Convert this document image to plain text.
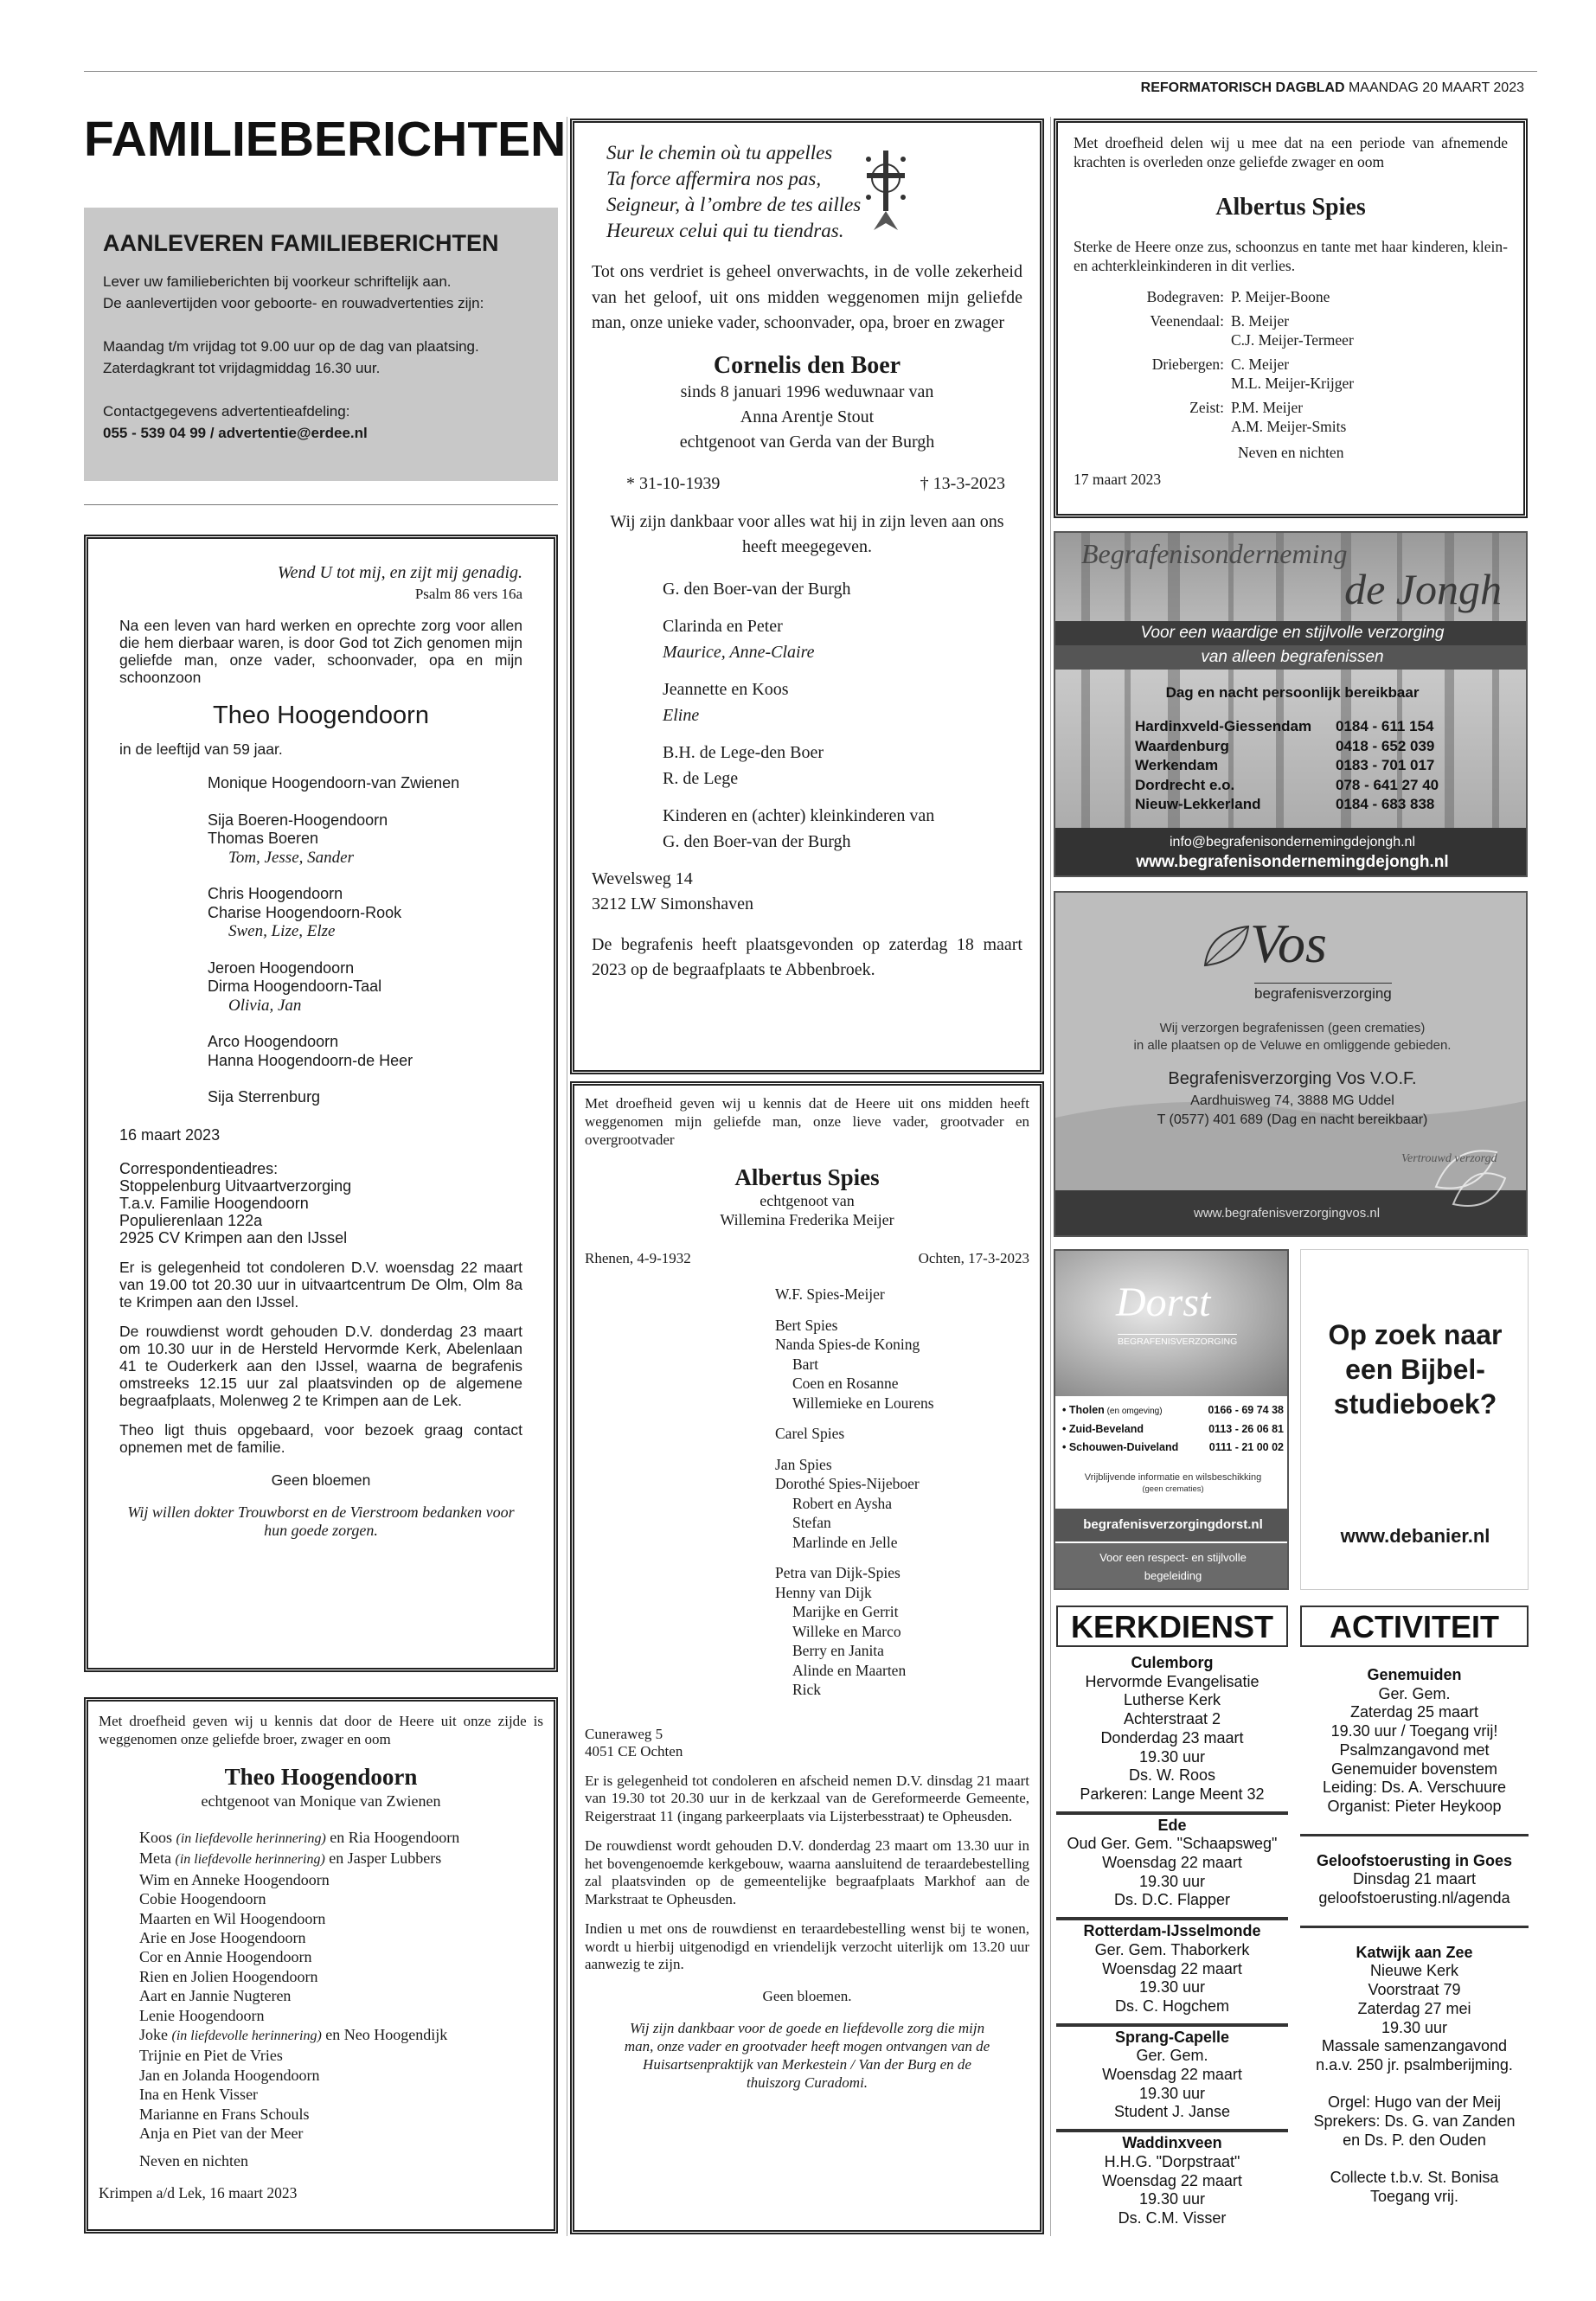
REFORMATORISCH DAGBLAD MAANDAG 20 MAART 2023
FAMILIEBERICHTEN
AANLEVEREN FAMILIEBERICHTEN
Lever uw familieberichten bij voorkeur schriftelijk aan.
De aanlevertijden voor geboorte- en rouwadvertenties zijn:

Maandag t/m vrijdag tot 9.00 uur op de dag van plaatsing.
Zaterdagkrant tot vrijdagmiddag 16.30 uur.

Contactgegevens advertentieafdeling:
055 - 539 04 99 / advertentie@erdee.nl
Wend U tot mij, en zijt mij genadig.
Psalm 86 vers 16a
Na een leven van hard werken en oprechte zorg voor allen die hem dierbaar waren, is door God tot Zich genomen mijn geliefde man, onze vader, schoonvader, opa en mijn schoonzoon
Theo Hoogendoorn
in de leeftijd van 59 jaar.
Monique Hoogendoorn-van Zwienen
Sija Boeren-Hoogendoorn
Thomas Boeren
Tom, Jesse, Sander
Chris Hoogendoorn
Charise Hoogendoorn-Rook
Swen, Lize, Elze
Jeroen Hoogendoorn
Dirma Hoogendoorn-Taal
Olivia, Jan
Arco Hoogendoorn
Hanna Hoogendoorn-de Heer
Sija Sterrenburg
16 maart 2023
Correspondentieadres:
Stoppelenburg Uitvaartverzorging
T.a.v. Familie Hoogendoorn
Populierenlaan 122a
2925 CV Krimpen aan den IJssel
Er is gelegenheid tot condoleren D.V. woensdag 22 maart van 19.00 tot 20.30 uur in uitvaartcentrum De Olm, Olm 8a te Krimpen aan den IJssel.
De rouwdienst wordt gehouden D.V. donderdag 23 maart om 10.30 uur in de Hersteld Hervormde Kerk, Abelenlaan 41 te Ouderkerk aan den IJssel, waarna de begrafenis omstreeks 12.15 uur zal plaatsvinden op de algemene begraafplaats, Molenweg 2 te Krimpen aan de Lek.
Theo ligt thuis opgebaard, voor bezoek graag contact opnemen met de familie.
Geen bloemen
Wij willen dokter Trouwborst en de Vierstroom bedanken voor hun goede zorgen.
Met droefheid geven wij u kennis dat door de Heere uit onze zijde is weggenomen onze geliefde broer, zwager en oom
Theo Hoogendoorn
echtgenoot van Monique van Zwienen
Koos (in liefdevolle herinnering) en Ria Hoogendoorn
Meta (in liefdevolle herinnering) en Jasper Lubbers
Wim en Anneke Hoogendoorn
Cobie Hoogendoorn
Maarten en Wil Hoogendoorn
Arie en Jose Hoogendoorn
Cor en Annie Hoogendoorn
Rien en Jolien Hoogendoorn
Aart en Jannie Nugteren
Lenie Hoogendoorn
Joke (in liefdevolle herinnering) en Neo Hoogendijk
Trijnie en Piet de Vries
Jan en Jolanda Hoogendoorn
Ina en Henk Visser
Marianne en Frans Schouls
Anja en Piet van der Meer
Neven en nichten
Krimpen a/d Lek, 16 maart 2023
Sur le chemin où tu appelles
Ta force affermira nos pas,
Seigneur, à l’ombre de tes ailles
Heureux celui qui tu tiendras.
Tot ons verdriet is geheel onverwachts, in de volle zekerheid van het geloof, uit ons midden weggenomen mijn geliefde man, onze unieke vader, schoonvader, opa, broer en zwager
Cornelis den Boer
sinds 8 januari 1996 weduwnaar van
Anna Arentje Stout
echtgenoot van Gerda van der Burgh
* 31-10-1939	† 13-3-2023
Wij zijn dankbaar voor alles wat hij in zijn leven aan ons heeft meegegeven.
G. den Boer-van der Burgh
Clarinda en Peter
Maurice, Anne-Claire
Jeannette en Koos
Eline
B.H. de Lege-den Boer
R. de Lege
Kinderen en (achter) kleinkinderen van
G. den Boer-van der Burgh
Wevelsweg 14
3212 LW Simonshaven
De begrafenis heeft plaatsgevonden op zaterdag 18 maart 2023 op de begraafplaats te Abbenbroek.
Met droefheid geven wij u kennis dat de Heere uit ons midden heeft weggenomen mijn geliefde man, onze lieve vader, grootvader en overgrootvader
Albertus Spies
echtgenoot van
Willemina Frederika Meijer
Rhenen, 4-9-1932	Ochten, 17-3-2023
W.F. Spies-Meijer
Bert Spies
Nanda Spies-de Koning
Bart
Coen en Rosanne
Willemieke en Lourens
Carel Spies
Jan Spies
Dorothé Spies-Nijeboer
Robert en Aysha
Stefan
Marlinde en Jelle
Petra van Dijk-Spies
Henny van Dijk
Marijke en Gerrit
Willeke en Marco
Berry en Janita
Alinde en Maarten
Rick
Cuneraweg 5
4051 CE Ochten
Er is gelegenheid tot condoleren en afscheid nemen D.V. dinsdag 21 maart van 19.30 tot 20.30 uur in de kerkzaal van de Gereformeerde Gemeente, Reigerstraat 11 (ingang parkeerplaats via Lijsterbesstraat) te Opheusden.
De rouwdienst wordt gehouden D.V. donderdag 23 maart om 13.30 uur in het bovengenoemde kerkgebouw, waarna aansluitend de teraardebestelling zal plaatsvinden op de gemeentelijke begraafplaats Markhof aan de Markstraat te Opheusden.
Indien u met ons de rouwdienst en teraardebestelling wenst bij te wonen, wordt u hierbij uitgenodigd en vriendelijk verzocht uiterlijk om 13.20 uur aanwezig te zijn.
Geen bloemen.
Wij zijn dankbaar voor de goede en liefdevolle zorg die mijn man, onze vader en grootvader heeft mogen ontvangen van de Huisartsenpraktijk van Merkestein / Van der Burg en de thuiszorg Curadomi.
Met droefheid delen wij u mee dat na een periode van afnemende krachten is overleden onze geliefde zwager en oom
Albertus Spies
Sterke de Heere onze zus, schoonzus en tante met haar kinderen, klein- en achterkleinkinderen in dit verlies.
Bodegraven: P. Meijer-Boone
Veenendaal: B. Meijer
C.J. Meijer-Termeer
Driebergen: C. Meijer
M.L. Meijer-Krijger
Zeist: P.M. Meijer
A.M. Meijer-Smits
Neven en nichten
17 maart 2023
Begrafenisonderneming
de Jongh
Voor een waardige en stijlvolle verzorging
van alleen begrafenissen
Dag en nacht persoonlijk bereikbaar
Hardinxveld-Giessendam	0184 - 611 154
Waardenburg	0418 - 652 039
Werkendam	0183 - 701 017
Dordrecht e.o.	078 - 641 27 40
Nieuw-Lekkerland	0184 - 683 838
info@begrafenisondernemingdejongh.nl
www.begrafenisondernemingdejongh.nl
Vos
begrafenisverzorging
Wij verzorgen begrafenissen (geen crematies)
in alle plaatsen op de Veluwe en omliggende gebieden.
Begrafenisverzorging Vos V.O.F.
Aardhuisweg 74, 3888 MG Uddel
T (0577) 401 689 (Dag en nacht bereikbaar)
Vertrouwd verzorgd
www.begrafenisverzorgingvos.nl
Dorst
BEGRAFENISVERZORGING
• Tholen (en omgeving)	0166 - 69 74 38
• Zuid-Beveland	0113 - 26 06 81
• Schouwen-Duiveland	0111 - 21 00 02
Vrijblijvende informatie en wilsbeschikking
(geen crematies)
begrafenisverzorgingdorst.nl
Voor een respect- en stijlvolle begeleiding
Op zoek naar een Bijbel-studieboek?
www.debanier.nl
KERKDIENST
Culemborg
Hervormde Evangelisatie
Lutherse Kerk
Achterstraat 2
Donderdag 23 maart
19.30 uur
Ds. W. Roos
Parkeren: Lange Meent 32
Ede
Oud Ger. Gem. "Schaapsweg"
Woensdag 22 maart
19.30 uur
Ds. D.C. Flapper
Rotterdam-IJsselmonde
Ger. Gem. Thaborkerk
Woensdag 22 maart
19.30 uur
Ds. C. Hogchem
Sprang-Capelle
Ger. Gem.
Woensdag 22 maart
19.30 uur
Student J. Janse
Waddinxveen
H.H.G. "Dorpstraat"
Woensdag 22 maart
19.30 uur
Ds. C.M. Visser
ACTIVITEIT
Genemuiden
Ger. Gem.
Zaterdag 25 maart
19.30 uur / Toegang vrij!
Psalmzangavond met
Genemuider bovenstem
Leiding: Ds. A. Verschuure
Organist: Pieter Heykoop
Geloofstoerusting in Goes
Dinsdag 21 maart
geloofstoerusting.nl/agenda
Katwijk aan Zee
Nieuwe Kerk
Voorstraat 79
Zaterdag 27 mei
19.30 uur
Massale samenzangavond
n.a.v. 250 jr. psalmberijming.

Orgel: Hugo van der Meij
Sprekers: Ds. G. van Zanden
en Ds. P. den Ouden

Collecte t.b.v. St. Bonisa
Toegang vrij.
